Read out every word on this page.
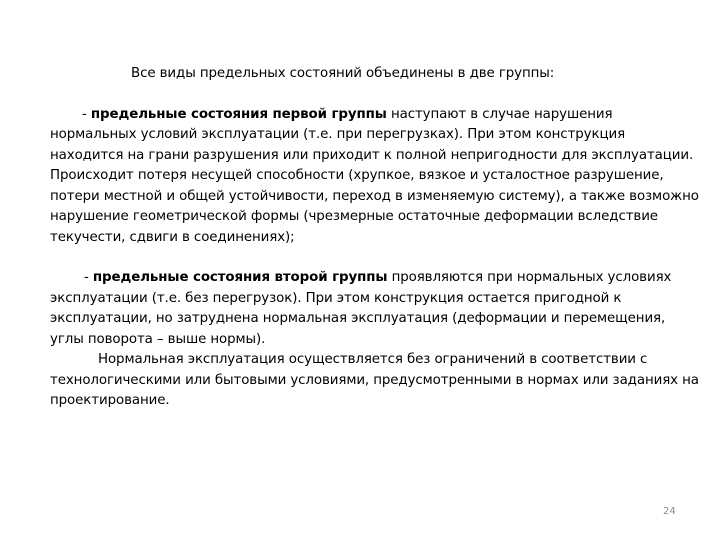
Все виды предельных состояний объединены в две группы:

- предельные состояния первой группы наступают в случае нарушения нормальных условий эксплуатации (т.е. при перегрузках). При этом конструкция находится на грани разрушения или приходит к полной непригодности для эксплуатации. Происходит потеря несущей способности (хрупкое, вязкое и усталостное разрушение, потери местной и общей устойчивости, переход в изменяемую систему), а также возможно нарушение геометрической формы (чрезмерные остаточные деформации вследствие текучести, сдвиги в соединениях);

- предельные состояния второй группы проявляются при нормальных условиях эксплуатации (т.е. без перегрузок). При этом конструкция остается пригодной к эксплуатации, но затруднена нормальная эксплуатация (деформации и перемещения, углы поворота – выше нормы).

Нормальная эксплуатация осуществляется без ограничений в соответствии с технологическими или бытовыми условиями, предусмотренными в нормах или заданиях на проектирование.

24
